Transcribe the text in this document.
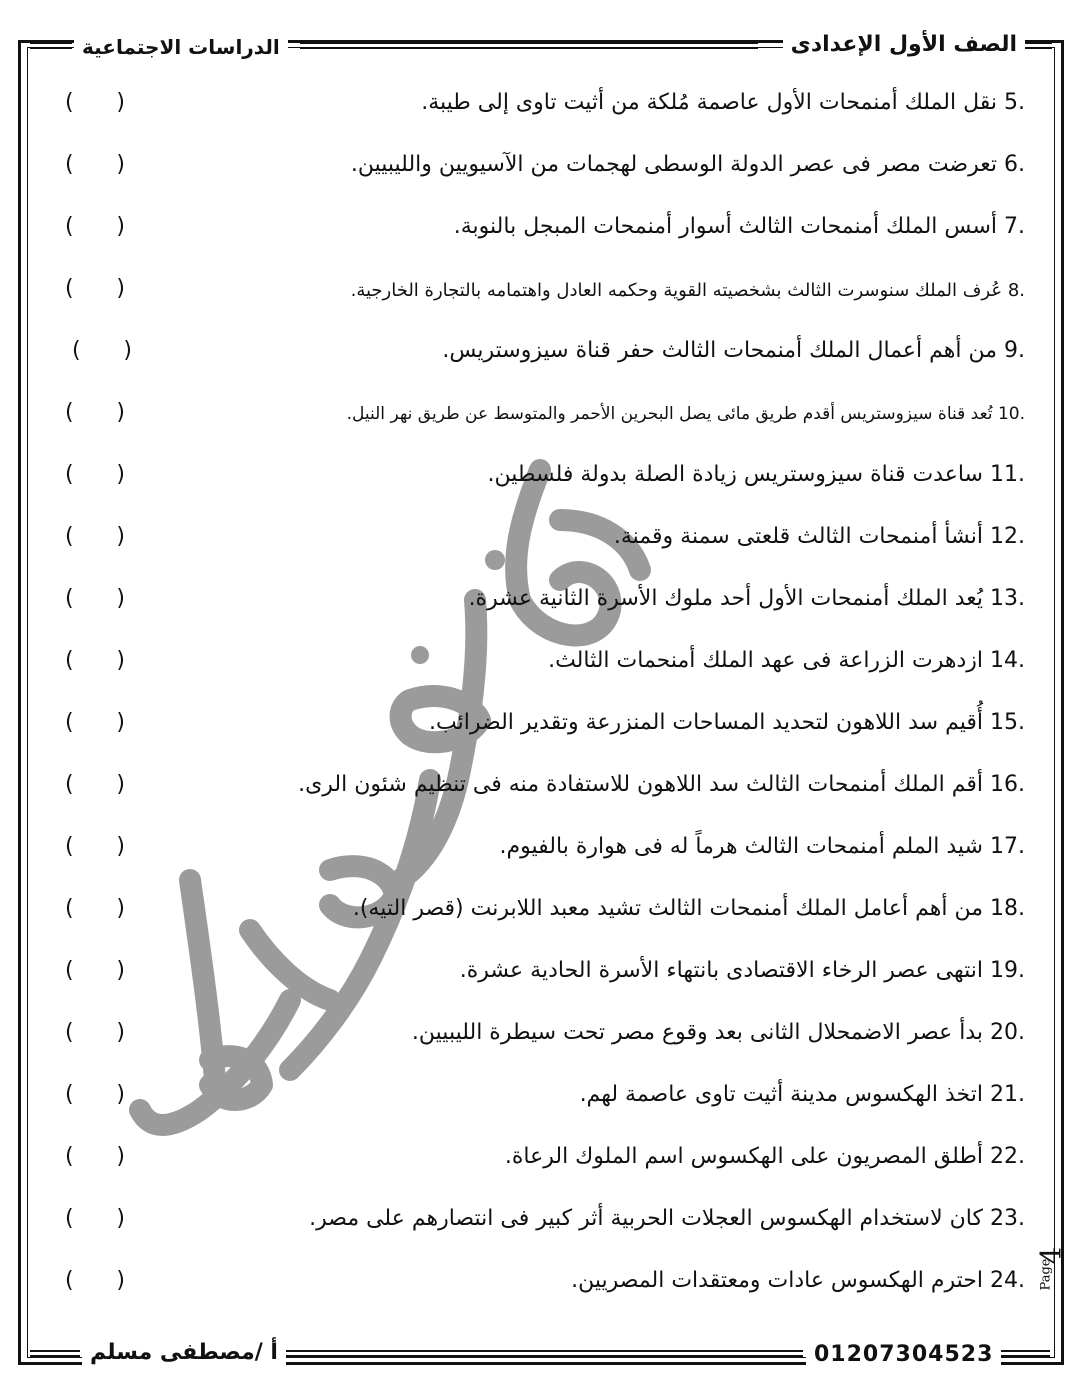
الصف الأول الإعدادى
الدراسات الاجتماعية
5. نقل الملك أمنمحات الأول عاصمة مُلكة من أثيت تاوى إلى طيبة.
( )
6. تعرضت مصر فى عصر الدولة الوسطى لهجمات من الآسيويين والليبيين.
( )
7. أسس الملك أمنمحات الثالث أسوار أمنمحات المبجل بالنوبة.
( )
8. عُرف الملك سنوسرت الثالث بشخصيته القوية وحكمه العادل واهتمامه بالتجارة الخارجية.
( )
9. من أهم أعمال الملك أمنمحات الثالث حفر قناة سيزوستريس.
( )
10. تُعد قناة سيزوستريس أقدم طريق مائى يصل البحرين الأحمر والمتوسط عن طريق نهر النيل.
( )
11. ساعدت قناة سيزوستريس زيادة الصلة بدولة فلسطين.
( )
12. أنشأ أمنمحات الثالث قلعتى سمنة وقمنة.
( )
13. يُعد الملك أمنمحات الأول أحد ملوك الأسرة الثانية عشرة.
( )
14. ازدهرت الزراعة فى عهد الملك أمنحمات الثالث.
( )
15. أُقيم سد اللاهون لتحديد المساحات المنزرعة وتقدير الضرائب.
( )
16. أقم الملك أمنمحات الثالث سد اللاهون للاستفادة منه فى تنظيم شئون الرى.
( )
17. شيد الملم أمنمحات الثالث هرماً له فى هوارة بالفيوم.
( )
18. من أهم أعامل الملك أمنمحات الثالث تشيد معبد اللابرنت (قصر التيه).
( )
19. انتهى عصر الرخاء الاقتصادى بانتهاء الأسرة الحادية عشرة.
( )
20. بدأ عصر الاضمحلال الثانى بعد وقوع مصر تحت سيطرة الليبيين.
( )
21. اتخذ الهكسوس مدينة أثيت تاوى عاصمة لهم.
( )
22. أطلق المصريون على الهكسوس اسم الملوك الرعاة.
( )
23. كان لاستخدام الهكسوس العجلات الحربية أثر كبير فى انتصارهم على مصر.
( )
24. احترم الهكسوس عادات ومعتقدات المصريين.
( )	Page
4
01207304523
أ /مصطفى مسلم
